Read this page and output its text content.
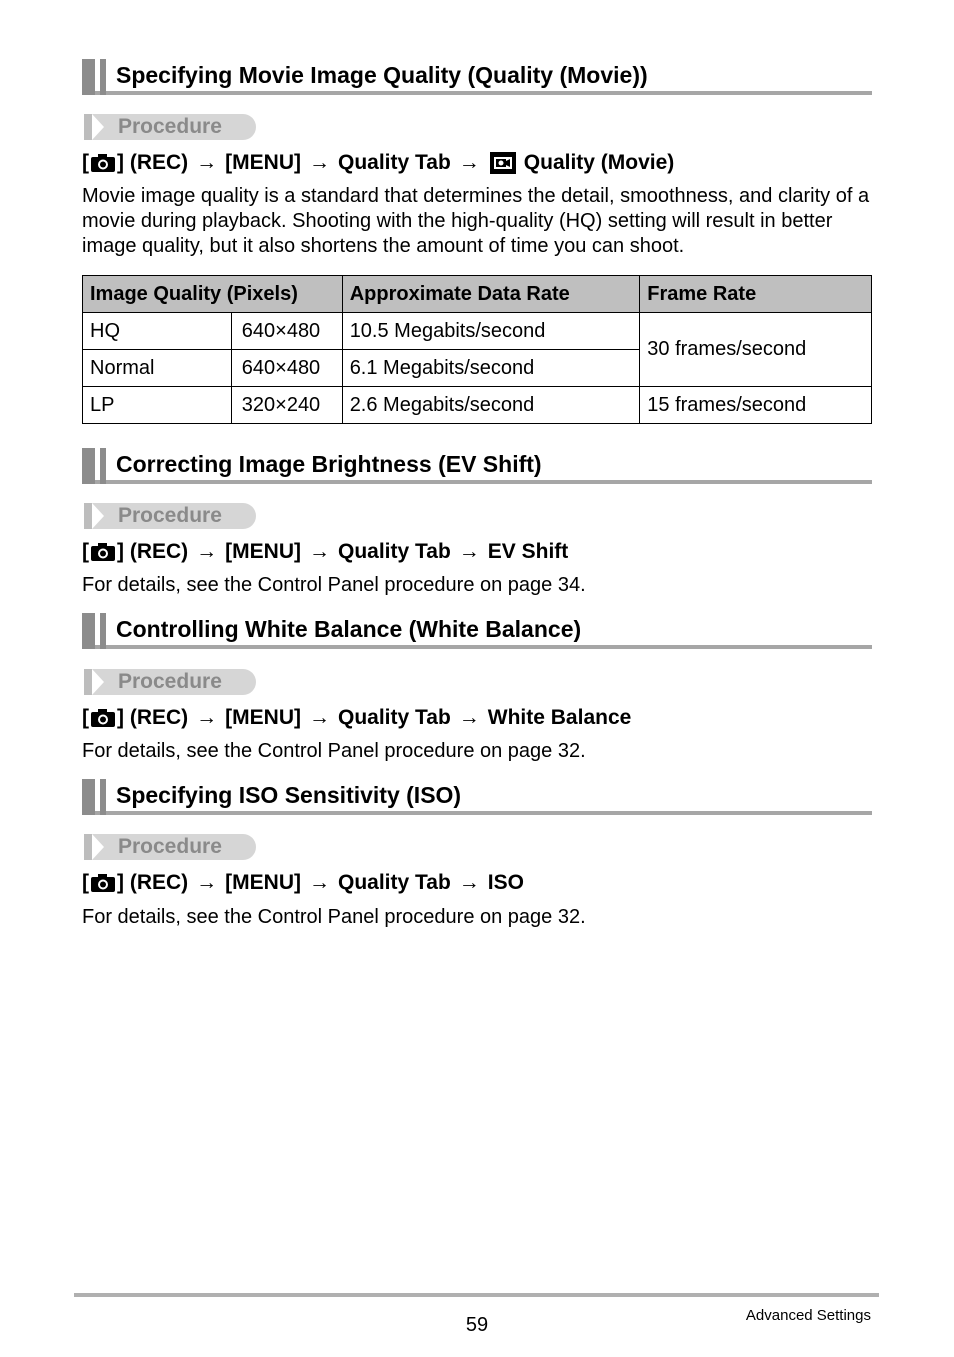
Specifying Movie Image Quality (Quality (Movie))
Procedure
[ ] (REC) → [MENU] → Quality Tab → Quality (Movie)
Movie image quality is a standard that determines the detail, smoothness, and clarity of a movie during playback. Shooting with the high-quality (HQ) setting will result in better image quality, but it also shortens the amount of time you can shoot.
Image Quality (Pixels)		Approximate Data Rate	Frame Rate
HQ	640×480	10.5 Megabits/second	30 frames/second
Normal	640×480	6.1 Megabits/second	
LP	320×240	2.6 Megabits/second	15 frames/second
Correcting Image Brightness (EV Shift)
Procedure
[ ] (REC) → [MENU] → Quality Tab → EV Shift
For details, see the Control Panel procedure on page 34.
Controlling White Balance (White Balance)
Procedure
[ ] (REC) → [MENU] → Quality Tab → White Balance
For details, see the Control Panel procedure on page 32.
Specifying ISO Sensitivity (ISO)
Procedure
[ ] (REC) → [MENU] → Quality Tab → ISO
For details, see the Control Panel procedure on page 32.
59	Advanced Settings
